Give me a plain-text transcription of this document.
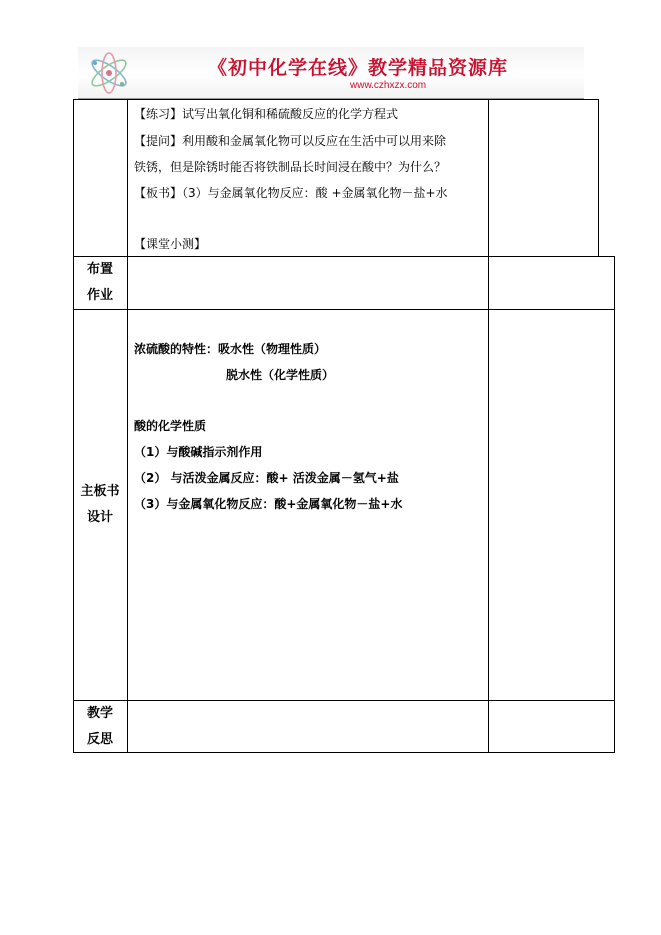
《初中化学在线》教学精品资源库
www.czhxzx.com
【练习】试写出氧化铜和稀硫酸反应的化学方程式
【提问】利用酸和金属氧化物可以反应在生活中可以用来除
铁锈，但是除锈时能否将铁制品长时间浸在酸中？为什么？
【板书】（3）与金属氧化物反应：酸 +金属氧化物－盐+水
【课堂小测】
布置
作业
主板书
设计
浓硫酸的特性：吸水性（物理性质）
脱水性（化学性质）
酸的化学性质
（1）与酸碱指示剂作用
（2） 与活泼金属反应：酸+ 活泼金属－氢气+盐
（3）与金属氧化物反应：酸+金属氧化物－盐+水
教学
反思
